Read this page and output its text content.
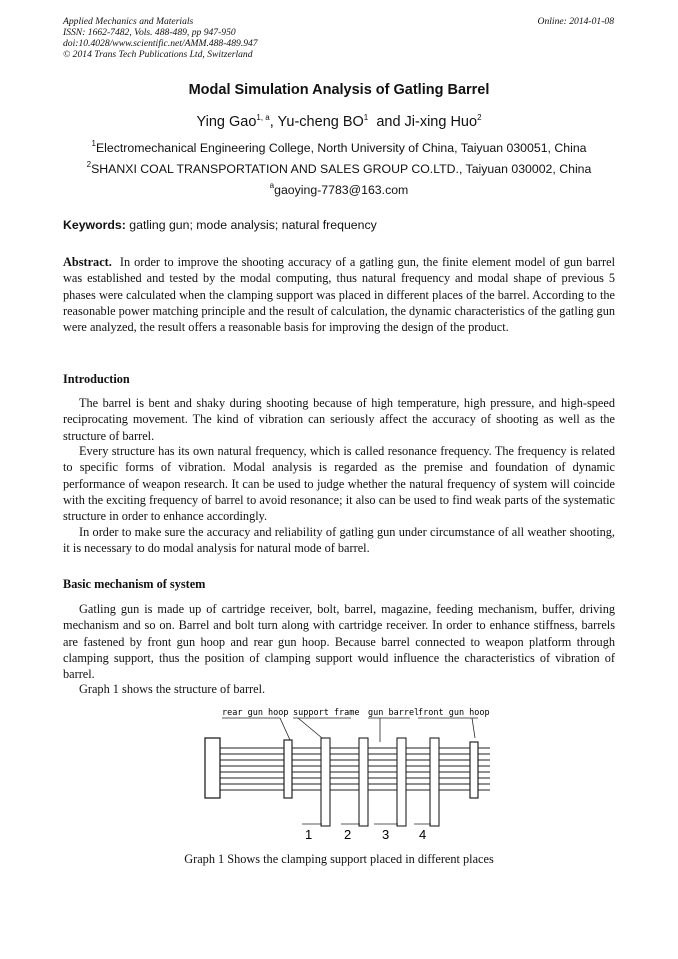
Applied Mechanics and Materials
ISSN: 1662-7482, Vols. 488-489, pp 947-950
doi:10.4028/www.scientific.net/AMM.488-489.947
© 2014 Trans Tech Publications Ltd, Switzerland
Online: 2014-01-08
Modal Simulation Analysis of Gatling Barrel
Ying Gao$^{1, a}$, Yu-cheng $BO^1$ and Ji-xing Huo$^2$
$^1$Electromechanical Engineering College, North University of China, Taiyuan 030051, China
$^2$SHANXI COAL TRANSPORTATION AND SALES GROUP CO.LTD., Taiyuan 030002, China
$^a$gaoying-7783@163.com
Keywords: gatling gun; mode analysis; natural frequency

Abstract. In order to improve the shooting accuracy of a gatling gun, the finite element model of gun barrel was established and tested by the modal computing, thus natural frequency and modal shape of previous 5 phases were calculated when the clamping support was placed in different places of the barrel. According to the reasonable power matching principle and the result of calculation, the dynamic characteristics of the gatling gun were analyzed, the result offers a reasonable basis for improving the design of the product.

Introduction

The barrel is bent and shaky during shooting because of high temperature, high pressure, and high-speed reciprocating movement. The kind of vibration can seriously affect the accuracy of shooting as well as the structure of barrel.

Every structure has its own natural frequency, which is called resonance frequency. The frequency is related to specific forms of vibration. Modal analysis is regarded as the premise and foundation of dynamic performance of weapon research. It can be used to judge whether the natural frequency of system will coincide with the exciting frequency of barrel to avoid resonance; it also can be used to find weak parts of the systematic structure in order to enhance accordingly.

In order to make sure the accuracy and reliability of gatling gun under circumstance of all weather shooting, it is necessary to do modal analysis for natural mode of barrel.

Basic mechanism of system

Gatling gun is made up of cartridge receiver, bolt, barrel, magazine, feeding mechanism, buffer, driving mechanism and so on. Barrel and bolt turn along with cartridge receiver. In order to enhance stiffness, barrels are fastened by front gun hoop and rear gun hoop. Because barrel connected to weapon platform through clamping support, thus the position of clamping support would influence the characteristics of vibration of barrel.

Graph 1 shows the structure of barrel.

rear gun hoop support frame gun barrel
front gun hoop
1 2 3 4
Graph 1 Shows the clamping support placed in different places
